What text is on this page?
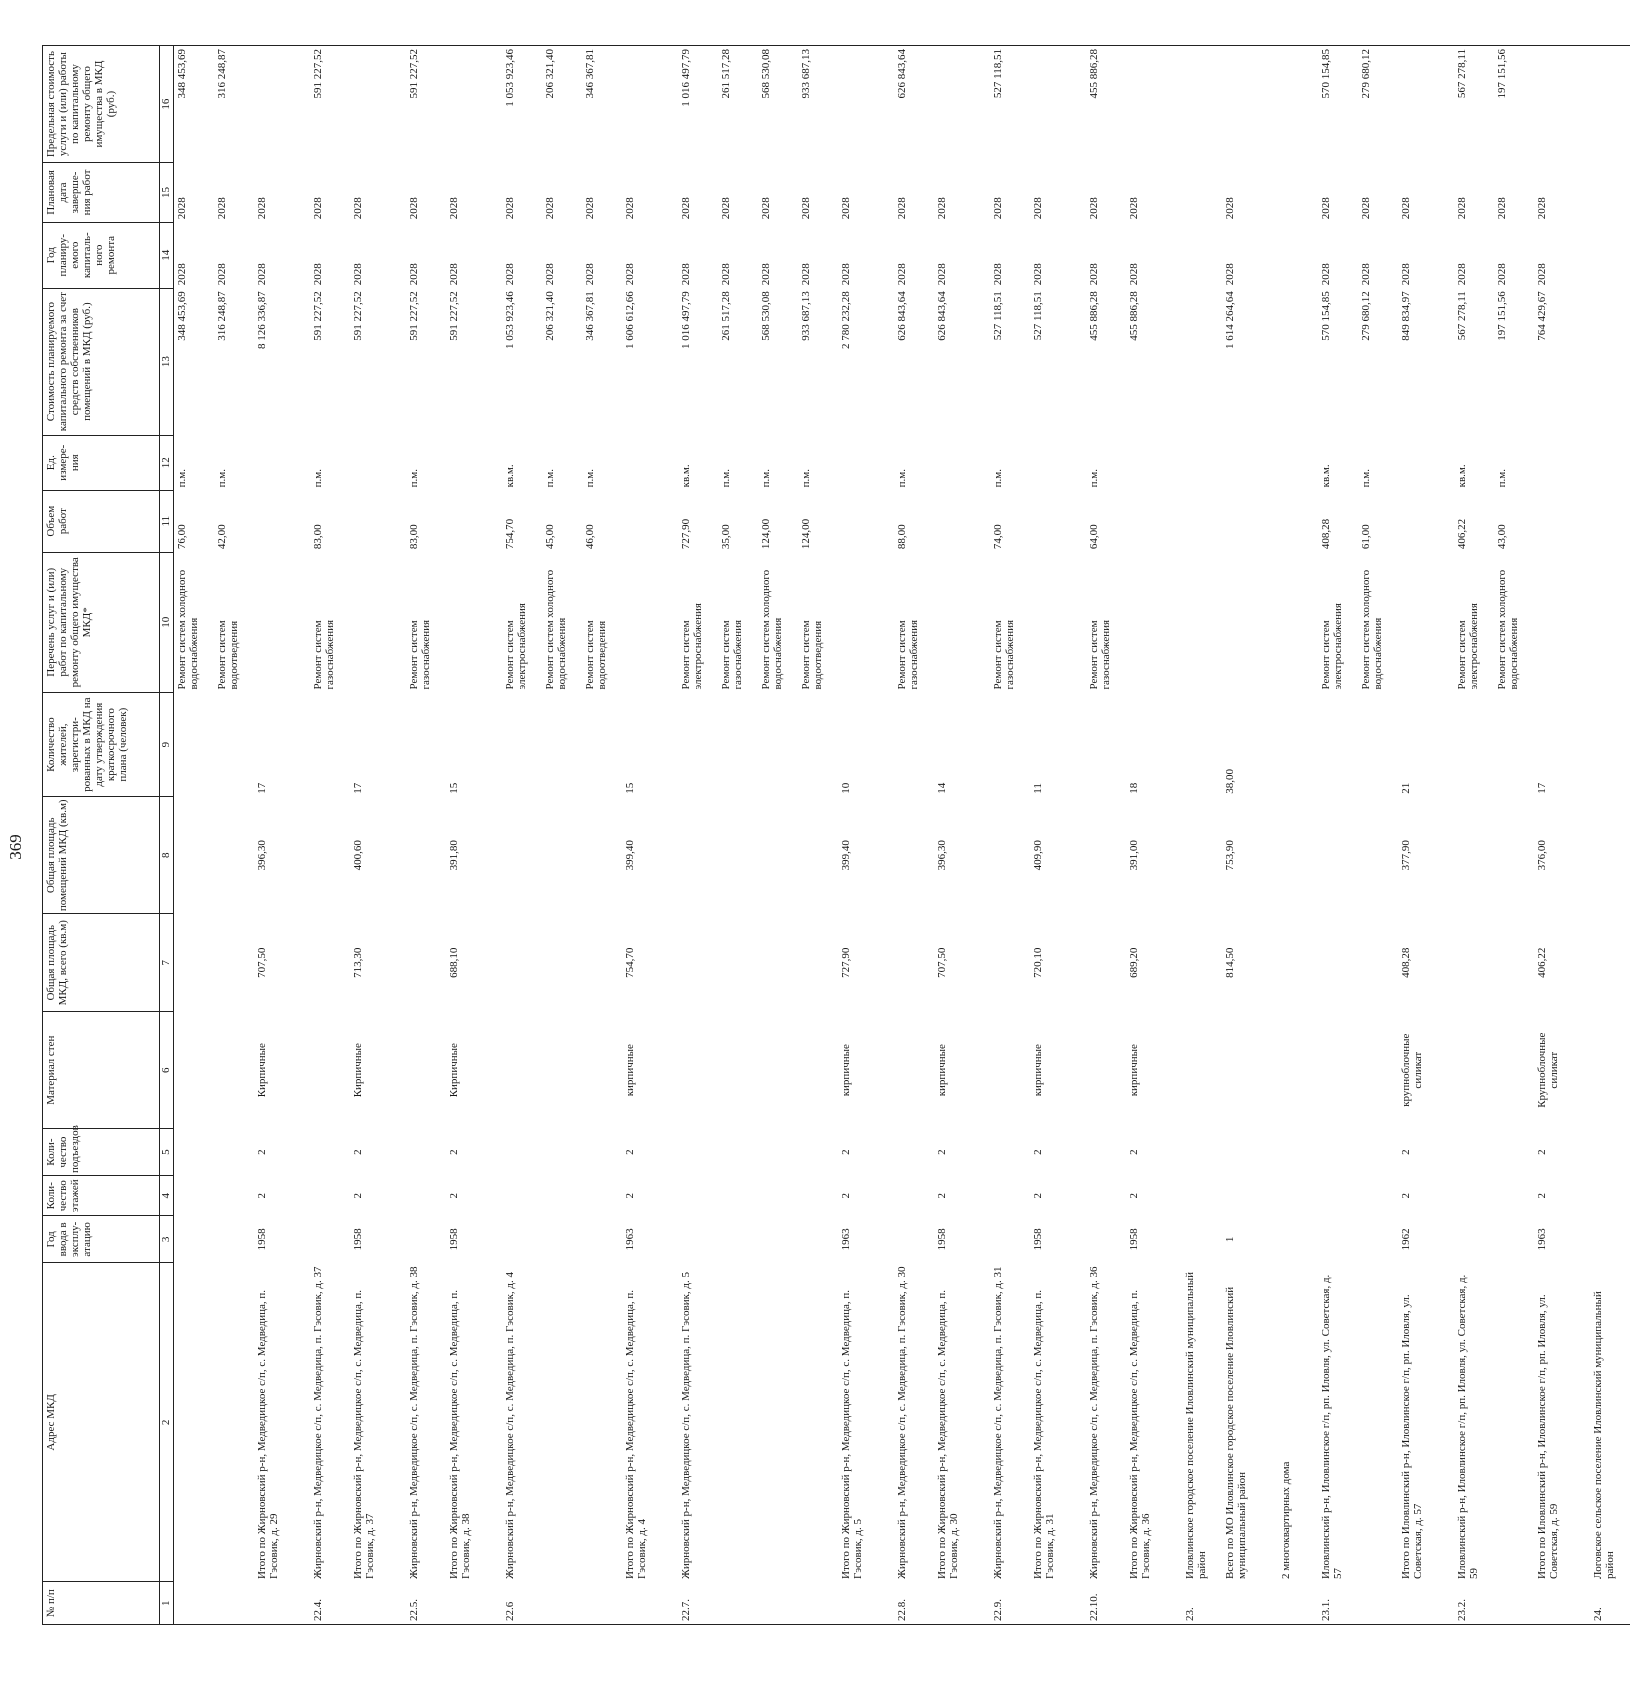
369
№ п/п	Адрес МКД	Год ввода в эксплу-атацию	Коли-чество этажей	Коли-чество подъездов	Материал стен	Общая площадь МКД, всего (кв.м)	Общая площадь помещений МКД (кв.м)	Количество жителей, зарегистри-рованных в МКД на дату утверждения краткосрочного плана (человек)	Перечень услуг и (или) работ по капитальному ремонту общего имущества МКД*	Объем работ	Ед. измере-ния	Стоимость планируемого капитального ремонта за счет средств собственников помещений в МКД (руб.)	Год планиру-емого капиталь-ного ремонта	Плановая дата заверше-ния работ	Предельная стоимость услуги и (или) работы по капитальному ремонту общего имущества в МКД (руб.)
1	2	3	4	5	6	7	8	9	10	11	12	13	14	15	16
									Ремонт систем холодного водоснабжения	76,00	п.м.	348 453,69	2028	2028	348 453,69
									Ремонт систем водоотведения	42,00	п.м.	316 248,87	2028	2028	316 248,87
	Итого по Жирновский р-н, Медведицкое с/п, с. Медведица, п. Гэсовик, д. 29	1958	2	2	Кирпичные	707,50	396,30	17				8 126 336,87	2028	2028	
22.4.	Жирновский р-н, Медведицкое с/п, с. Медведица, п. Гэсовик, д. 37								Ремонт систем газоснабжения	83,00	п.м.	591 227,52	2028	2028	591 227,52
	Итого по Жирновский р-н, Медведицкое с/п, с. Медведица, п. Гэсовик, д. 37	1958	2	2	Кирпичные	713,30	400,60	17				591 227,52	2028	2028	
22.5.	Жирновский р-н, Медведицкое с/п, с. Медведица, п. Гэсовик, д. 38								Ремонт систем газоснабжения	83,00	п.м.	591 227,52	2028	2028	591 227,52
	Итого по Жирновский р-н, Медведицкое с/п, с. Медведица, п. Гэсовик, д. 38	1958	2	2	Кирпичные	688,10	391,80	15				591 227,52	2028	2028	
22.6	Жирновский р-н, Медведицкое с/п, с. Медведица, п. Гэсовик, д. 4								Ремонт систем электроснабжения	754,70	кв.м.	1 053 923,46	2028	2028	1 053 923,46
									Ремонт систем холодного водоснабжения	45,00	п.м.	206 321,40	2028	2028	206 321,40
									Ремонт систем водоотведения	46,00	п.м.	346 367,81	2028	2028	346 367,81
	Итого по Жирновский р-н, Медведицкое с/п, с. Медведица, п. Гэсовик, д. 4	1963	2	2	кирпичные	754,70	399,40	15				1 606 612,66	2028	2028	
22.7.	Жирновский р-н, Медведицкое с/п, с. Медведица, п. Гэсовик, д. 5								Ремонт систем электроснабжения	727,90	кв.м.	1 016 497,79	2028	2028	1 016 497,79
									Ремонт систем газоснабжения	35,00	п.м.	261 517,28	2028	2028	261 517,28
									Ремонт систем холодного водоснабжения	124,00	п.м.	568 530,08	2028	2028	568 530,08
									Ремонт систем водоотведения	124,00	п.м.	933 687,13	2028	2028	933 687,13
	Итого по Жирновский р-н, Медведицкое с/п, с. Медведица, п. Гэсовик, д. 5	1963	2	2	кирпичные	727,90	399,40	10				2 780 232,28	2028	2028	
22.8.	Жирновский р-н, Медведицкое с/п, с. Медведица, п. Гэсовик, д. 30								Ремонт систем газоснабжения	88,00	п.м.	626 843,64	2028	2028	626 843,64
	Итого по Жирновский р-н, Медведицкое с/п, с. Медведица, п. Гэсовик, д. 30	1958	2	2	кирпичные	707,50	396,30	14				626 843,64	2028	2028	
22.9.	Жирновский р-н, Медведицкое с/п, с. Медведица, п. Гэсовик, д. 31								Ремонт систем газоснабжения	74,00	п.м.	527 118,51	2028	2028	527 118,51
	Итого по Жирновский р-н, Медведицкое с/п, с. Медведица, п. Гэсовик, д. 31	1958	2	2	кирпичные	720,10	409,90	11				527 118,51	2028	2028	
22.10.	Жирновский р-н, Медведицкое с/п, с. Медведица, п. Гэсовик, д. 36								Ремонт систем газоснабжения	64,00	п.м.	455 886,28	2028	2028	455 886,28
	Итого по Жирновский р-н, Медведицкое с/п, с. Медведица, п. Гэсовик, д. 36	1958	2	2	кирпичные	689,20	391,00	18				455 886,28	2028	2028	
23.	Иловлинское городское поселение Иловлинский муниципальный район														
	Всего по МО Иловлинское городское поселение Иловлинский муниципальный район	1				814,50	753,90	38,00				1 614 264,64	2028	2028	
	2 многоквартирных дома														
23.1.	Иловлинский р-н, Иловлинское г/п, рп. Иловля, ул. Советская, д. 57								Ремонт систем электроснабжения	408,28	кв.м.	570 154,85	2028	2028	570 154,85
									Ремонт систем холодного водоснабжения	61,00	п.м.	279 680,12	2028	2028	279 680,12
	Итого по Иловлинский р-н, Иловлинское г/п, рп. Иловля, ул. Советская, д. 57	1962	2	2	крупноблочные силикат	408,28	377,90	21				849 834,97	2028	2028	
23.2.	Иловлинский р-н, Иловлинское г/п, рп. Иловля, ул. Советская, д. 59								Ремонт систем электроснабжения	406,22	кв.м.	567 278,11	2028	2028	567 278,11
									Ремонт систем холодного водоснабжения	43,00	п.м.	197 151,56	2028	2028	197 151,56
	Итого по Иловлинский р-н, Иловлинское г/п, рп. Иловля, ул. Советская, д. 59	1963	2	2	Крупноблочные силикат	406,22	376,00	17				764 429,67	2028	2028	
24.	Логовское сельское поселение Иловлинский муниципальный район														
